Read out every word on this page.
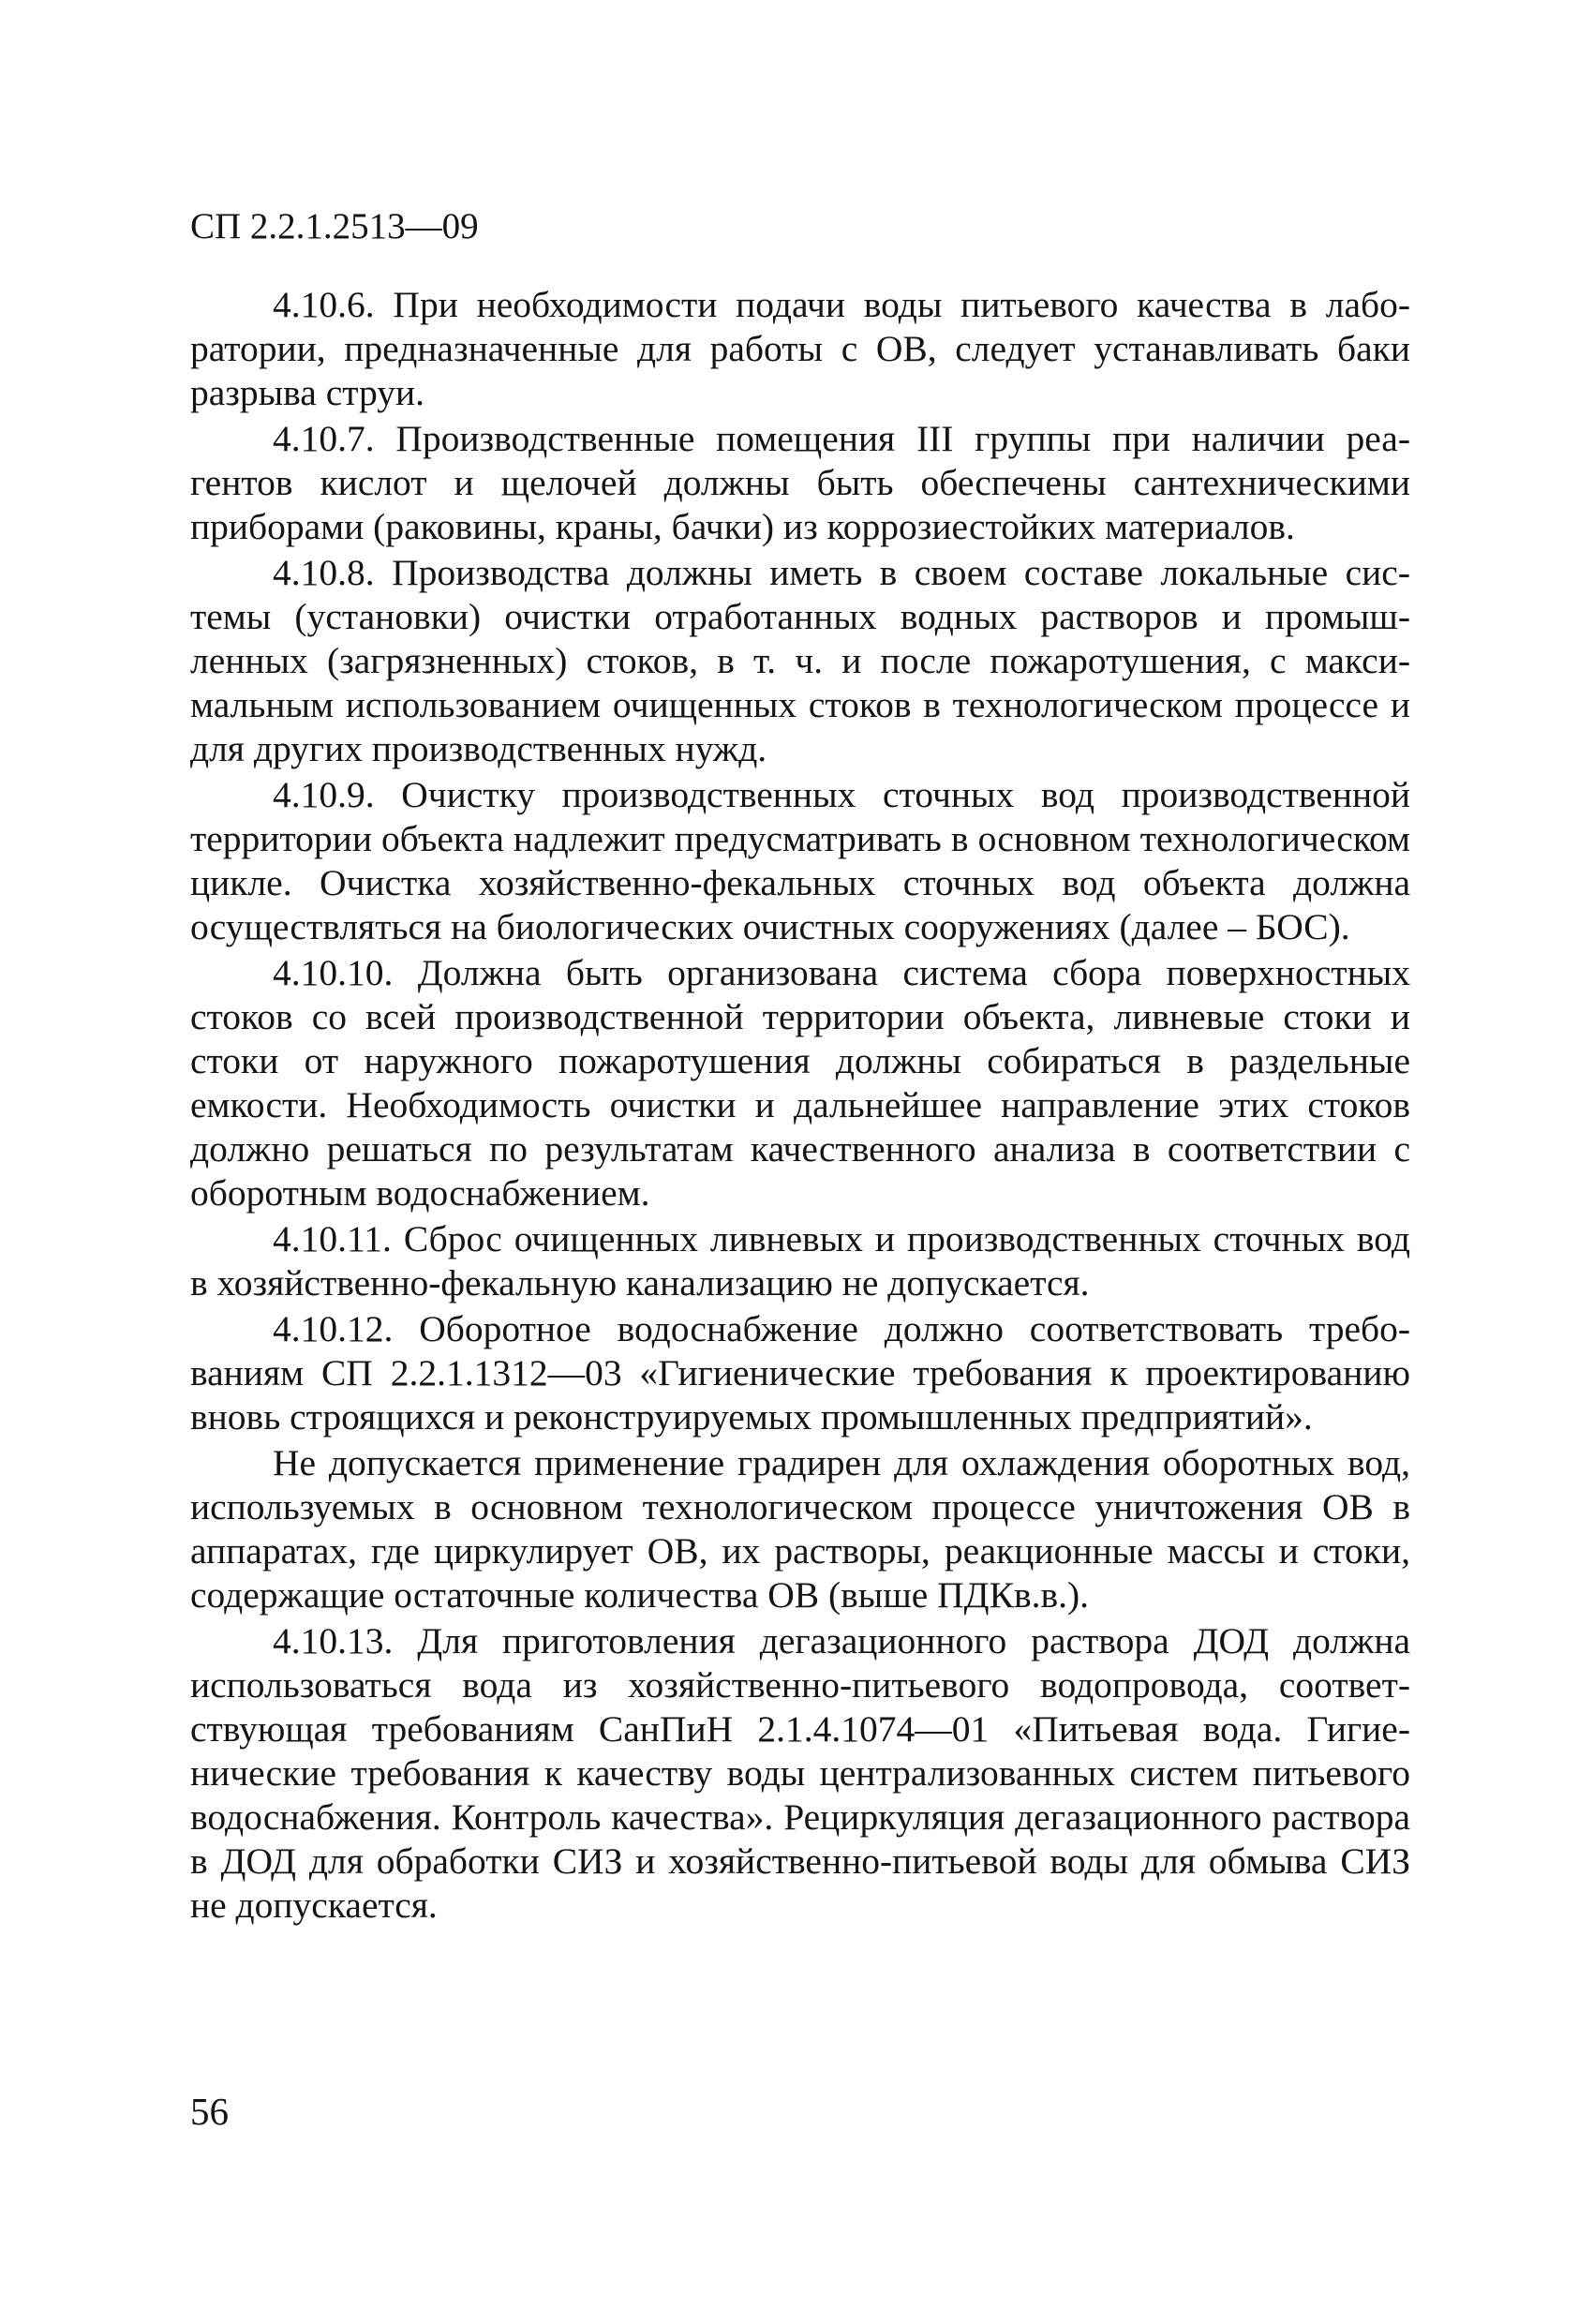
СП 2.2.1.2513—09

4.10.6. При необходимости подачи воды питьевого качества в лаборатории, предназначенные для работы с ОВ, следует устанавливать баки разрыва струи.

4.10.7. Производственные помещения III группы при наличии реагентов кислот и щелочей должны быть обеспечены сантехническими приборами (раковины, краны, бачки) из коррозиестойких материалов.

4.10.8. Производства должны иметь в своем составе локальные системы (установки) очистки отработанных водных растворов и промышленных (загрязненных) стоков, в т. ч. и после пожаротушения, с максимальным использованием очищенных стоков в технологическом процессе и для других производственных нужд.

4.10.9. Очистку производственных сточных вод производственной территории объекта надлежит предусматривать в основном технологическом цикле. Очистка хозяйственно-фекальных сточных вод объекта должна осуществляться на биологических очистных сооружениях (далее – БОС).

4.10.10. Должна быть организована система сбора поверхностных стоков со всей производственной территории объекта, ливневые стоки и стоки от наружного пожаротушения должны собираться в раздельные емкости. Необходимость очистки и дальнейшее направление этих стоков должно решаться по результатам качественного анализа в соответствии с оборотным водоснабжением.

4.10.11. Сброс очищенных ливневых и производственных сточных вод в хозяйственно-фекальную канализацию не допускается.

4.10.12. Оборотное водоснабжение должно соответствовать требованиям СП 2.2.1.1312—03 «Гигиенические требования к проектированию вновь строящихся и реконструируемых промышленных предприятий».

Не допускается применение градирен для охлаждения оборотных вод, используемых в основном технологическом процессе уничтожения ОВ в аппаратах, где циркулирует ОВ, их растворы, реакционные массы и стоки, содержащие остаточные количества ОВ (выше ПДКв.в.).

4.10.13. Для приготовления дегазационного раствора ДОД должна использоваться вода из хозяйственно-питьевого водопровода, соответствующая требованиям СанПиН 2.1.4.1074—01 «Питьевая вода. Гигиенические требования к качеству воды централизованных систем питьевого водоснабжения. Контроль качества». Рециркуляция дегазационного раствора в ДОД для обработки СИЗ и хозяйственно-питьевой воды для обмыва СИЗ не допускается.

56
